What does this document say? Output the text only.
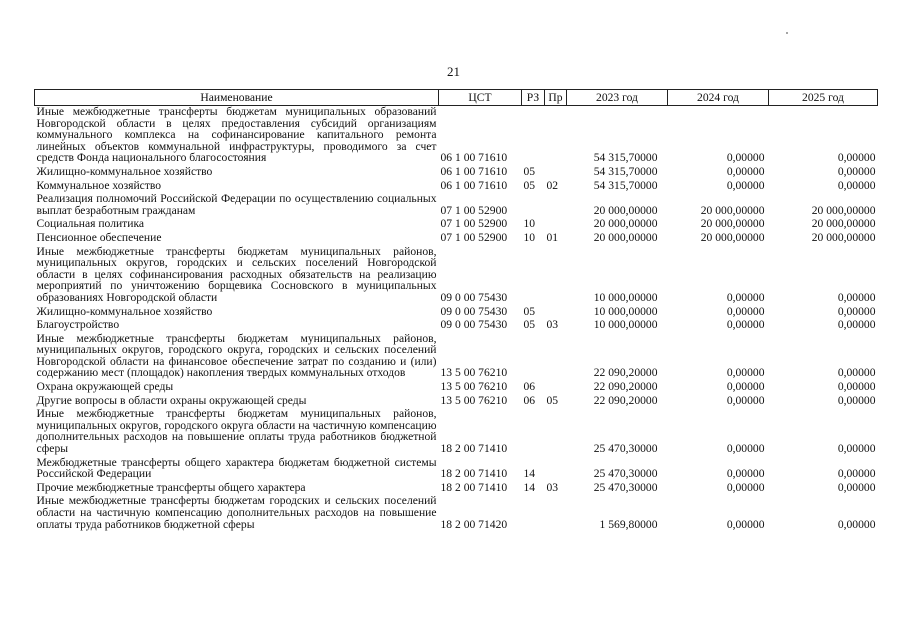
21
Наименование	ЦСТ	РЗ	Пр	2023 год	2024 год	2025 год
Иные межбюджетные трансферты бюджетам муниципальных образований Новгородской области в целях предоставления субсидий организациям коммунального комплекса на софинансирование капитального ремонта линейных объектов коммунальной инфраструктуры, проводимого за счет средств Фонда национального благосостояния	06 1 00 71610			54 315,70000	0,00000	0,00000
Жилищно-коммунальное хозяйство	06 1 00 71610	05		54 315,70000	0,00000	0,00000
Коммунальное хозяйство	06 1 00 71610	05	02	54 315,70000	0,00000	0,00000
Реализация полномочий Российской Федерации по осуществлению социальных выплат безработным гражданам	07 1 00 52900			20 000,00000	20 000,00000	20 000,00000
Социальная политика	07 1 00 52900	10		20 000,00000	20 000,00000	20 000,00000
Пенсионное обеспечение	07 1 00 52900	10	01	20 000,00000	20 000,00000	20 000,00000
Иные межбюджетные трансферты бюджетам муниципальных районов, муниципальных округов, городских и сельских поселений Новгородской области в целях софинансирования расходных обязательств на реализацию мероприятий по уничтожению борщевика Сосновского в муниципальных образованиях Новгородской области	09 0 00 75430			10 000,00000	0,00000	0,00000
Жилищно-коммунальное хозяйство	09 0 00 75430	05		10 000,00000	0,00000	0,00000
Благоустройство	09 0 00 75430	05	03	10 000,00000	0,00000	0,00000
Иные межбюджетные трансферты бюджетам муниципальных районов, муниципальных округов, городского округа, городских и сельских поселений Новгородской области на финансовое обеспечение затрат по созданию и (или) содержанию мест (площадок) накопления твердых коммунальных отходов	13 5 00 76210			22 090,20000	0,00000	0,00000
Охрана окружающей среды	13 5 00 76210	06		22 090,20000	0,00000	0,00000
Другие вопросы в области охраны окружающей среды	13 5 00 76210	06	05	22 090,20000	0,00000	0,00000
Иные межбюджетные трансферты бюджетам муниципальных районов, муниципальных округов, городского округа области на частичную компенсацию дополнительных расходов на повышение оплаты труда работников бюджетной сферы	18 2 00 71410			25 470,30000	0,00000	0,00000
Межбюджетные трансферты общего характера бюджетам бюджетной системы Российской Федерации	18 2 00 71410	14		25 470,30000	0,00000	0,00000
Прочие межбюджетные трансферты общего характера	18 2 00 71410	14	03	25 470,30000	0,00000	0,00000
Иные межбюджетные трансферты бюджетам городских и сельских поселений области на частичную компенсацию дополнительных расходов на повышение оплаты труда работников бюджетной сферы	18 2 00 71420			1 569,80000	0,00000	0,00000
